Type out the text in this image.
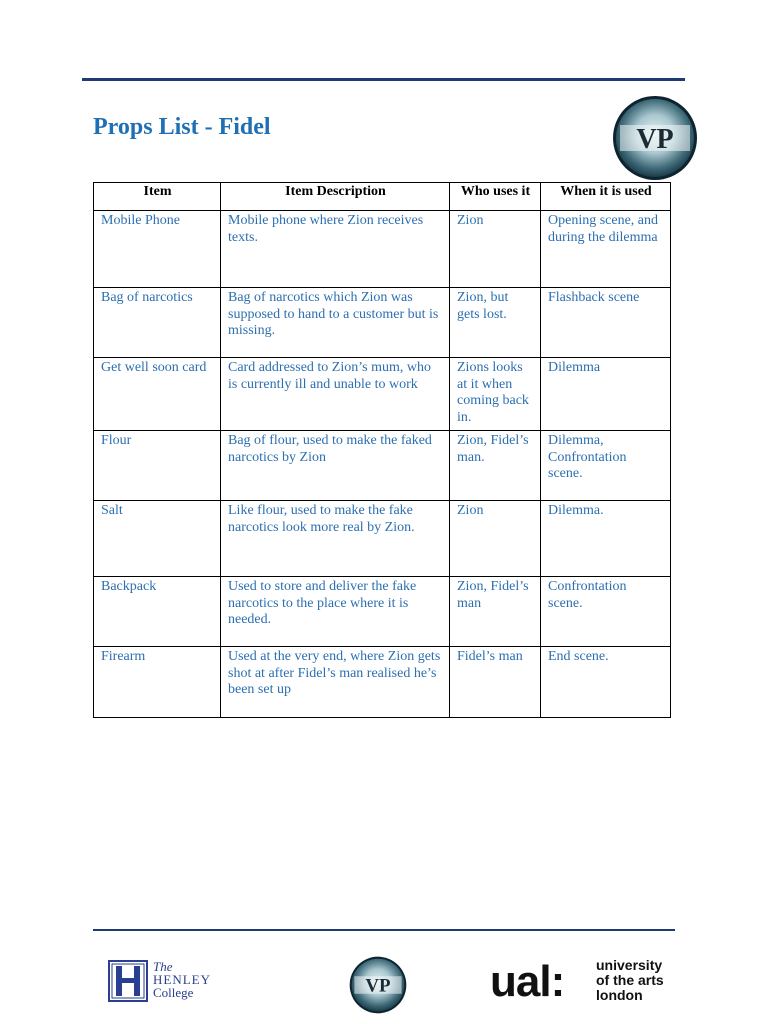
Props List - Fidel	VP
Item	Item Description	Who uses it	When it is used
Mobile Phone	Mobile phone where Zion receives texts.	Zion	Opening scene, and during the dilemma
Bag of narcotics	Bag of narcotics which Zion was supposed to hand to a customer but is missing.	Zion, but gets lost.	Flashback scene
Get well soon card	Card addressed to Zion’s mum, who is currently ill and unable to work	Zions looks at it when coming back in.	Dilemma
Flour	Bag of flour, used to make the faked narcotics by Zion	Zion, Fidel’s man.	Dilemma, Confrontation scene.
Salt	Like flour, used to make the fake narcotics look more real by Zion.	Zion	Dilemma.
Backpack	Used to store and deliver the fake narcotics to the place where it is needed.	Zion, Fidel’s man	Confrontation scene.
Firearm	Used at the very end, where Zion gets shot at after Fidel’s man realised he’s been set up	Fidel’s man	End scene.
The
HENLEY
College	VP ual: university
of the arts
london
